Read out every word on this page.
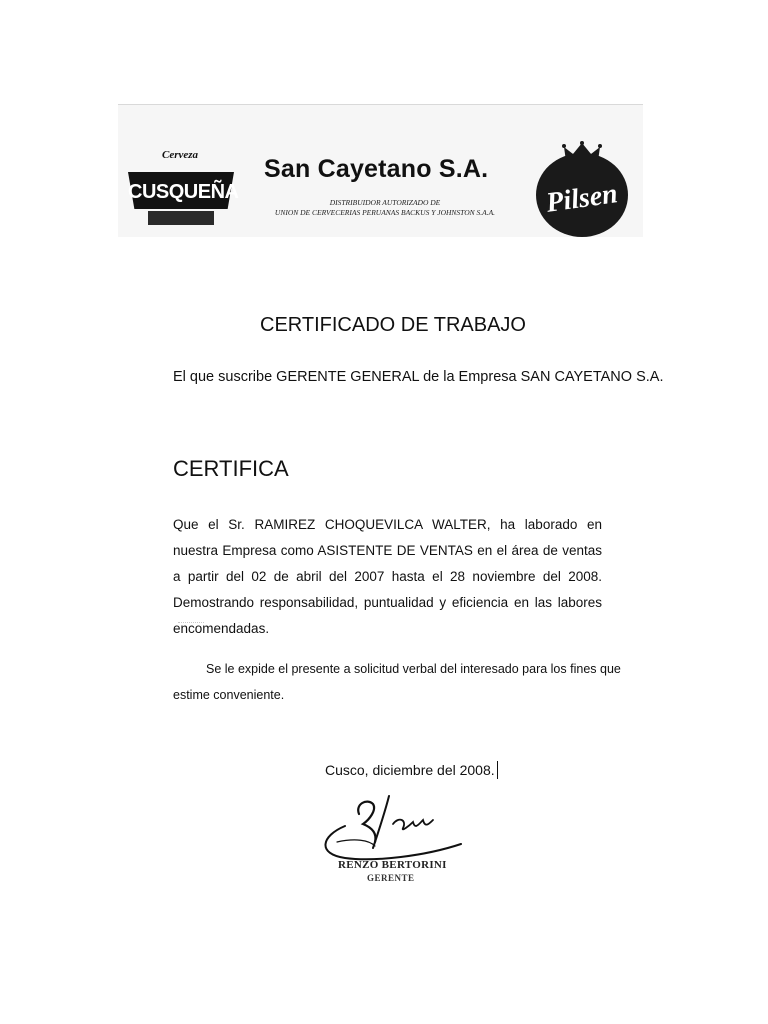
Cerveza
CUSQUEÑA
San Cayetano S.A.
DISTRIBUIDOR AUTORIZADO DE
UNION DE CERVECERIAS PERUANAS BACKUS Y JOHNSTON S.A.A.	Pilsen
CERTIFICADO DE TRABAJO
El que suscribe GERENTE GENERAL de la Empresa SAN CAYETANO S.A.
CERTIFICA
Que el Sr. RAMIREZ CHOQUEVILCA WALTER, ha laborado en nuestra Empresa como ASISTENTE DE VENTAS en el área de ventas a partir del 02 de abril del 2007 hasta el 28 noviembre del 2008. Demostrando responsabilidad, puntualidad y eficiencia en las labores encomendadas.
Se le expide el presente a solicitud verbal del interesado para los fines que estime conveniente.
Cusco, diciembre del 2008.
RENZO BERTORINI
GERENTE
